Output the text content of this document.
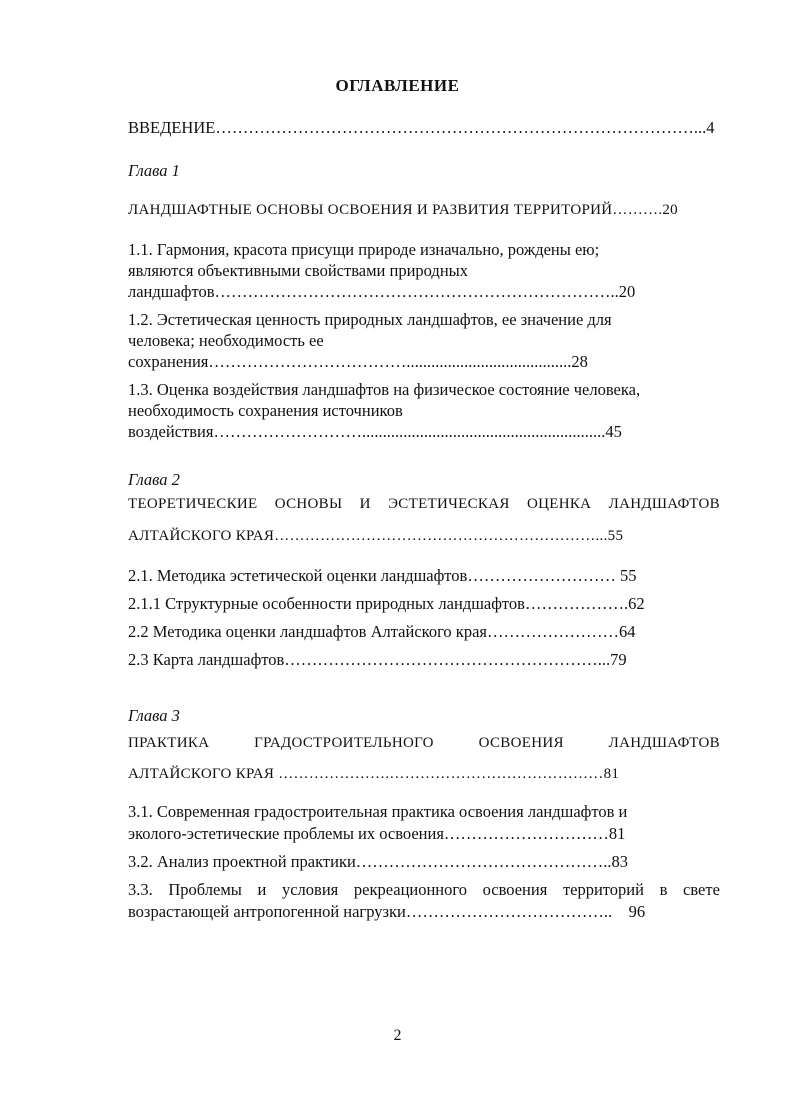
ОГЛАВЛЕНИЕ
ВВЕДЕНИЕ……………………………………………………………………………...4
Глава 1
ЛАНДШАФТНЫЕ ОСНОВЫ ОСВОЕНИЯ И РАЗВИТИЯ ТЕРРИТОРИЙ……….20
1.1. Гармония, красота присущи природе изначально, рождены ею;
являются объективными свойствами природных
ландшафтов………………………………………………………………..20
1.2. Эстетическая ценность природных ландшафтов, ее значение для
человека; необходимость ее
сохранения………………………………........................................28
1.3. Оценка воздействия ландшафтов на физическое состояние человека,
необходимость сохранения источников
воздействия………………………...........................................................45
Глава 2
ТЕОРЕТИЧЕСКИЕ ОСНОВЫ И ЭСТЕТИЧЕСКАЯ ОЦЕНКА ЛАНДШАФТОВ
АЛТАЙСКОГО КРАЯ………………………………………………………...55
2.1. Методика эстетической оценки ландшафтов……………………… 55
2.1.1 Структурные особенности природных ландшафтов……………….62
2.2 Методика оценки ландшафтов Алтайского края……………………64
2.3 Карта ландшафтов…………………………………………………...79
Глава 3
ПРАКТИКА	ГРАДОСТРОИТЕЛЬНОГО	ОСВОЕНИЯ	ЛАНДШАФТОВ
АЛТАЙСКОГО КРАЯ ………………….……………………………………81
3.1. Современная градостроительная практика освоения ландшафтов и
эколого-эстетические проблемы их освоения…………………………81
3.2. Анализ проектной практики………………………………………..83
3.3. Проблемы и условия рекреационного освоения территорий в свете
возрастающей антропогенной нагрузки………………………………..    96
2
